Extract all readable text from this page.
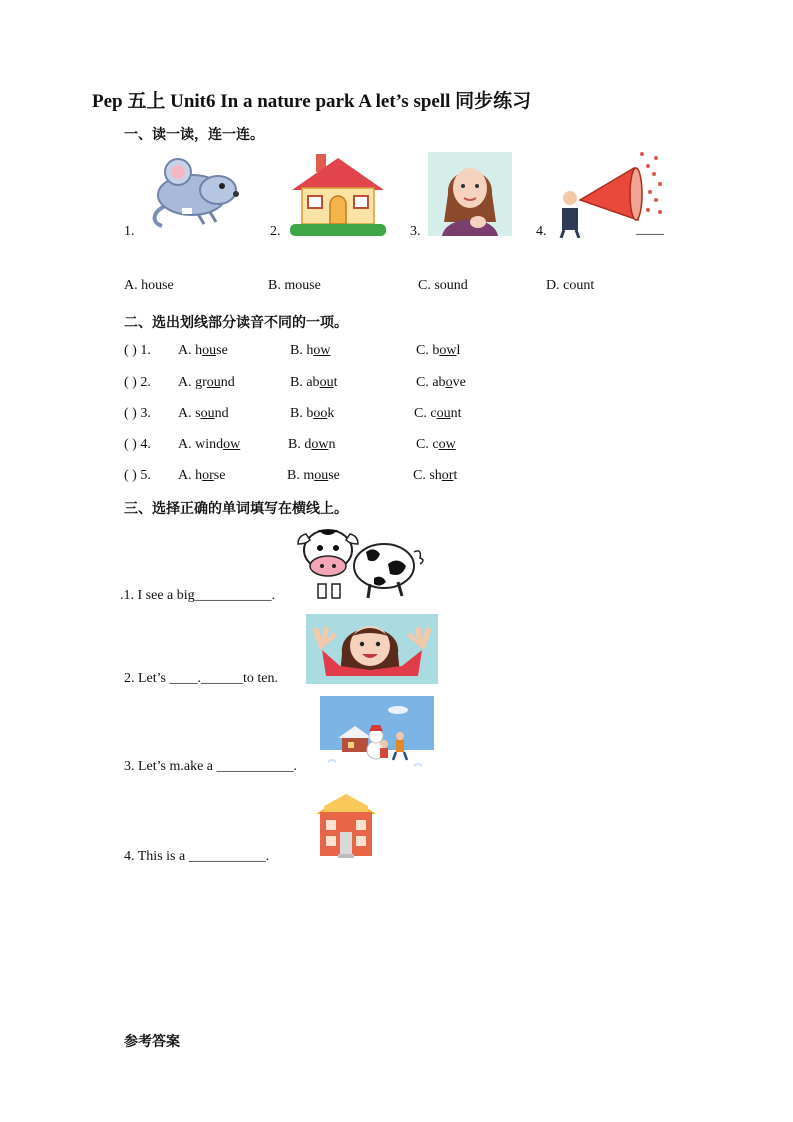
Pep 五上 Unit6 In a nature park A let’s spell 同步练习
一、读一读，连一连。
1.	2.	3.	4.	____
A. house	B. mouse	C. sound	D. count
二、选出划线部分读音不同的一项。
( ) 1. A. house	B. how	C. bowl
( ) 2. A. ground	B. about	C. above
( ) 3. A. sound	B. book	C. count
( ) 4. A. window	B. down	C. cow
( ) 5. A. horse	B. mouse	C. short
三、选择正确的单词填写在横线上。
.1. I see a big___________.
2. Let’s ____.______to ten.
3. Let’s m.ake a ___________.
4. This is a ___________.
参考答案
